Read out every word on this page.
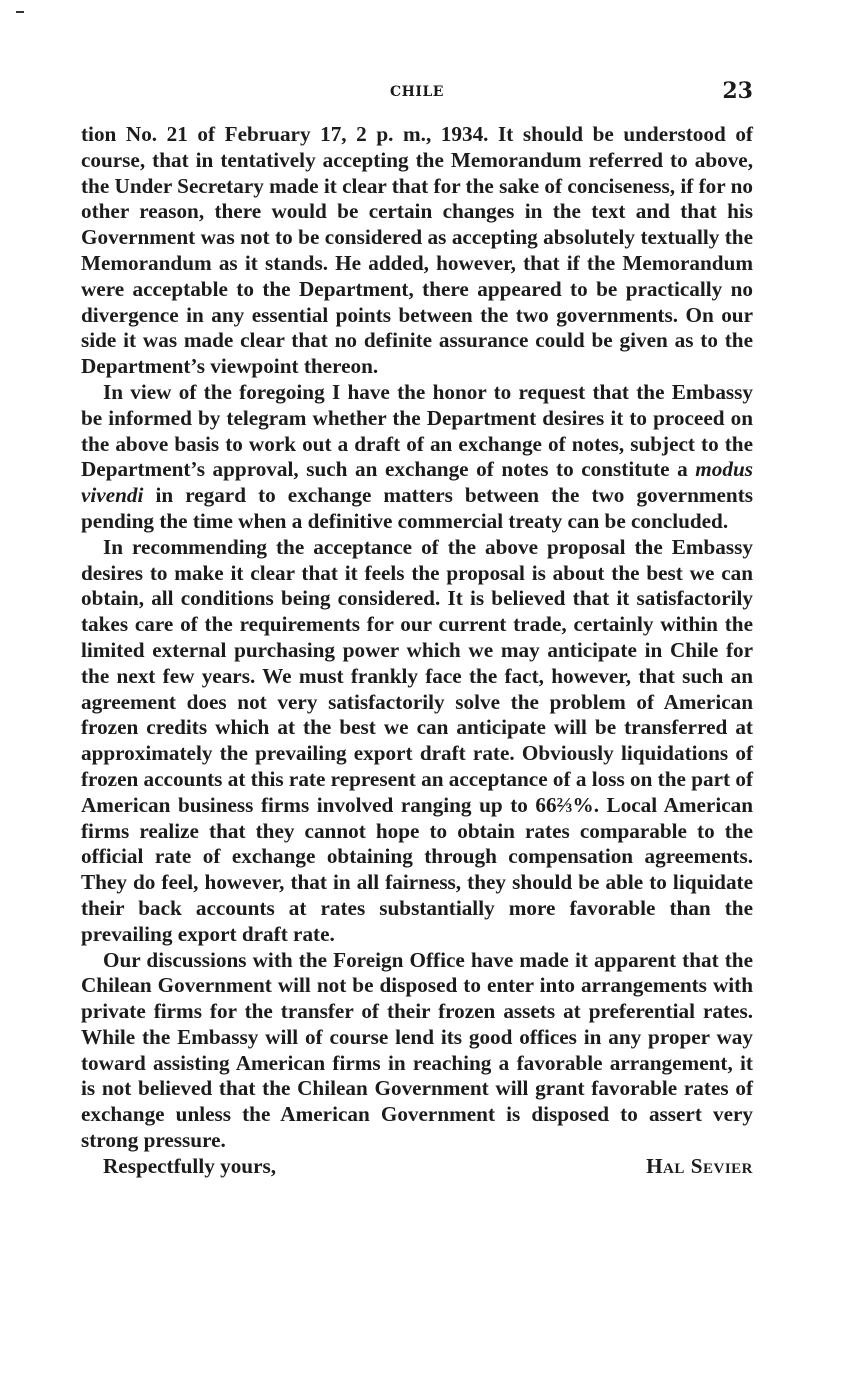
CHILE	23

tion No. 21 of February 17, 2 p. m., 1934. It should be understood of course, that in tentatively accepting the Memorandum referred to above, the Under Secretary made it clear that for the sake of conciseness, if for no other reason, there would be certain changes in the text and that his Government was not to be considered as accepting absolutely textually the Memorandum as it stands. He added, however, that if the Memorandum were acceptable to the Department, there appeared to be practically no divergence in any essential points between the two governments. On our side it was made clear that no definite assurance could be given as to the Department’s viewpoint thereon.

In view of the foregoing I have the honor to request that the Embassy be informed by telegram whether the Department desires it to proceed on the above basis to work out a draft of an exchange of notes, subject to the Department’s approval, such an exchange of notes to constitute a modus vivendi in regard to exchange matters between the two governments pending the time when a definitive commercial treaty can be concluded.

In recommending the acceptance of the above proposal the Embassy desires to make it clear that it feels the proposal is about the best we can obtain, all conditions being considered. It is believed that it satisfactorily takes care of the requirements for our current trade, certainly within the limited external purchasing power which we may anticipate in Chile for the next few years. We must frankly face the fact, however, that such an agreement does not very satisfactorily solve the problem of American frozen credits which at the best we can anticipate will be transferred at approximately the prevailing export draft rate. Obviously liquidations of frozen accounts at this rate represent an acceptance of a loss on the part of American business firms involved ranging up to 66⅔%. Local American firms realize that they cannot hope to obtain rates comparable to the official rate of exchange obtaining through compensation agreements. They do feel, however, that in all fairness, they should be able to liquidate their back accounts at rates substantially more favorable than the prevailing export draft rate.

Our discussions with the Foreign Office have made it apparent that the Chilean Government will not be disposed to enter into arrangements with private firms for the transfer of their frozen assets at preferential rates. While the Embassy will of course lend its good offices in any proper way toward assisting American firms in reaching a favorable arrangement, it is not believed that the Chilean Government will grant favorable rates of exchange unless the American Government is disposed to assert very strong pressure.

Respectfully yours,	Hal Sevier
